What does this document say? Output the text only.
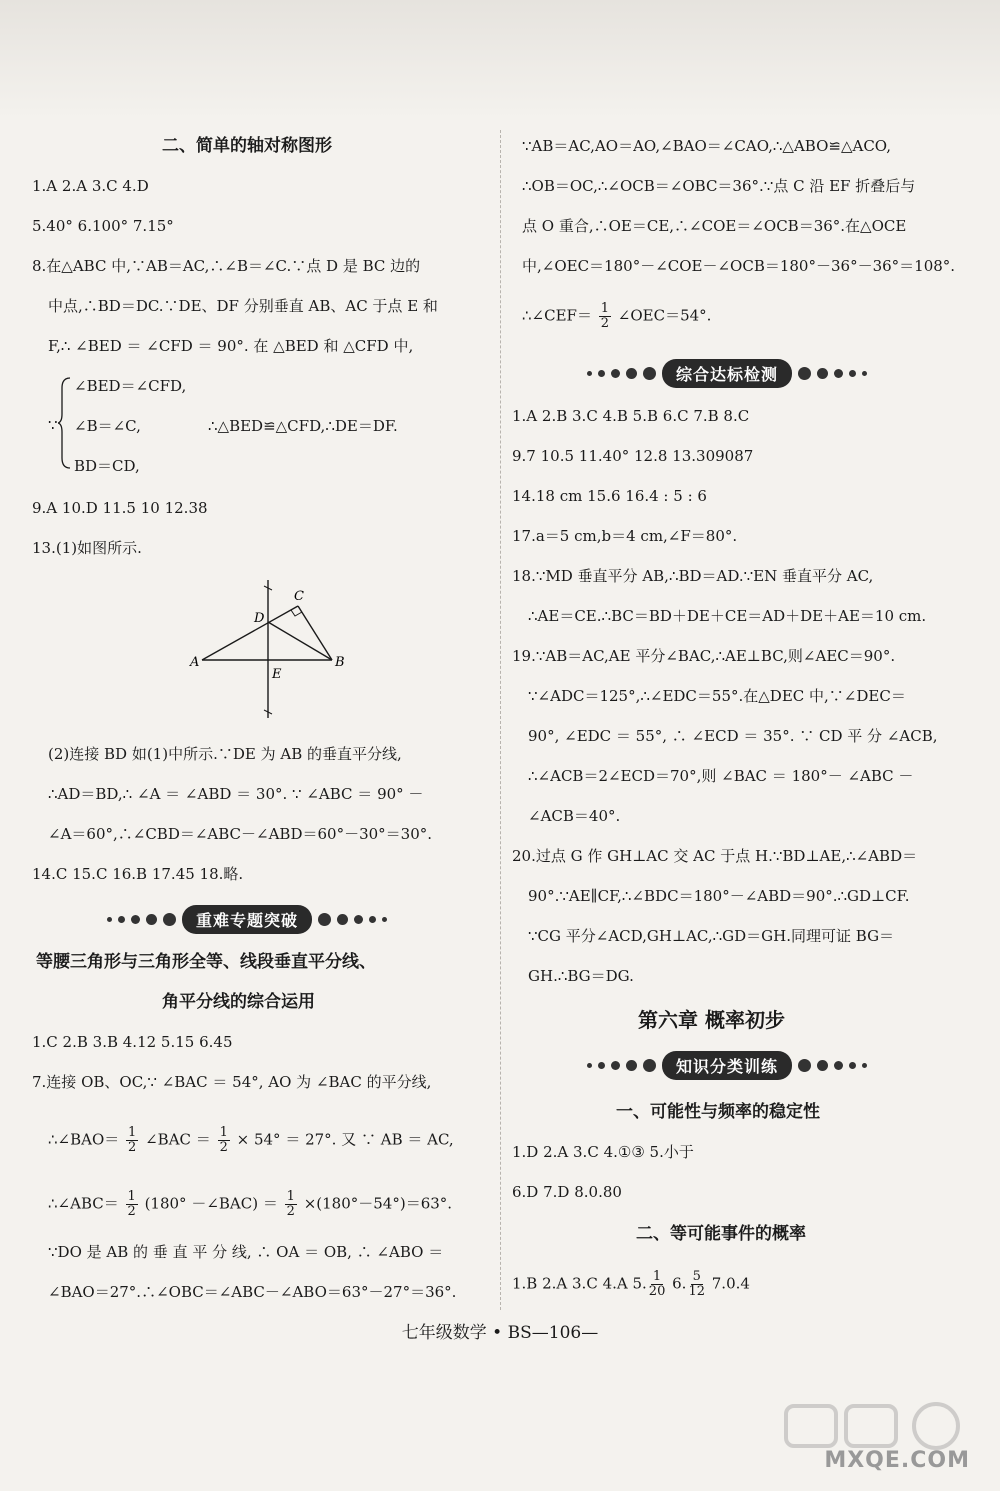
二、简单的轴对称图形
1.A 2.A 3.C 4.D
5.40° 6.100° 7.15°
8.在△ABC 中,∵AB＝AC,∴∠B＝∠C.∵点 D 是 BC 边的
中点,∴BD＝DC.∵DE、DF 分别垂直 AB、AC 于点 E 和
F,∴ ∠BED ＝ ∠CFD ＝ 90°. 在 △BED 和 △CFD 中,
∵
∠BED＝∠CFD,
∠B＝∠C,
BD＝CD,
∴△BED≌△CFD,∴DE＝DF.
9.A 10.D 11.5 10 12.38
13.(1)如图所示.
A	B
C
D
E
(2)连接 BD 如(1)中所示.∵DE 为 AB 的垂直平分线,
∴AD＝BD,∴ ∠A ＝ ∠ABD ＝ 30°. ∵ ∠ABC ＝ 90° －
∠A＝60°,∴∠CBD＝∠ABC－∠ABD＝60°－30°＝30°.
14.C 15.C 16.B 17.45 18.略.
重难专题突破
等腰三角形与三角形全等、线段垂直平分线、
角平分线的综合运用
1.C 2.B 3.B 4.12 5.15 6.45
7.连接 OB、OC,∵ ∠BAC ＝ 54°, AO 为 ∠BAC 的平分线,
∴∠BAO＝ $\frac{1}{2}$ ∠BAC ＝ $\frac{1}{2} \times 54^\circ = 27^\circ$. 又 ∵ AB ＝ AC,
∴∠ABC＝ $\frac{1}{2} (180^\circ$ －∠BAC) ＝ $\frac{1}{2} \times(180^\circ-54^\circ)=63^\circ$.
∵DO 是 AB 的 垂 直 平 分 线, ∴ OA ＝ OB, ∴ ∠ABO ＝
∠BAO＝27°.∴∠OBC＝∠ABC－∠ABO＝63°－27°＝36°.
∵AB＝AC,AO＝AO,∠BAO＝∠CAO,∴△ABO≌△ACO,
∴OB＝OC,∴∠OCB＝∠OBC＝36°.∵点 C 沿 EF 折叠后与
点 O 重合,∴OE＝CE,∴∠COE＝∠OCB＝36°.在△OCE
中,∠OEC＝180°－∠COE－∠OCB＝180°－36°－36°＝108°.
∴∠CEF＝ $\frac{1}{2}$ ∠OEC＝54°.
综合达标检测
1.A 2.B 3.C 4.B 5.B 6.C 7.B 8.C
9.7 10.5 11.40° 12.8 13.309087
14.18 cm 15.6 16.4 : 5 : 6
17.a＝5 cm,b＝4 cm,∠F＝80°.
18.∵MD 垂直平分 AB,∴BD＝AD.∵EN 垂直平分 AC,
∴AE＝CE.∴BC＝BD＋DE＋CE＝AD＋DE＋AE＝10 cm.
19.∵AB＝AC,AE 平分∠BAC,∴AE⊥BC,则∠AEC＝90°.
∵∠ADC＝125°,∴∠EDC＝55°.在△DEC 中,∵∠DEC＝
90°, ∠EDC ＝ 55°, ∴ ∠ECD ＝ 35°. ∵ CD 平 分 ∠ACB,
∴∠ACB＝2∠ECD＝70°,则 ∠BAC ＝ 180°－ ∠ABC －
∠ACB＝40°.
20.过点 G 作 GH⊥AC 交 AC 于点 H.∵BD⊥AE,∴∠ABD＝
90°.∵AE∥CF,∴∠BDC＝180°－∠ABD＝90°.∴GD⊥CF.
∵CG 平分∠ACD,GH⊥AC,∴GD＝GH.同理可证 BG＝
GH.∴BG＝DG.
第六章 概率初步
知识分类训练
一、可能性与频率的稳定性
1.D 2.A 3.C 4.①③ 5.小于
6.D 7.D 8.0.80
二、等可能事件的概率
1.B 2.A 3.C 4.A 5. $\frac{1}{20} 6$. $\frac{5}{12} 7.0.4$
七年级数学 • BS—106—
MXQE.COM
